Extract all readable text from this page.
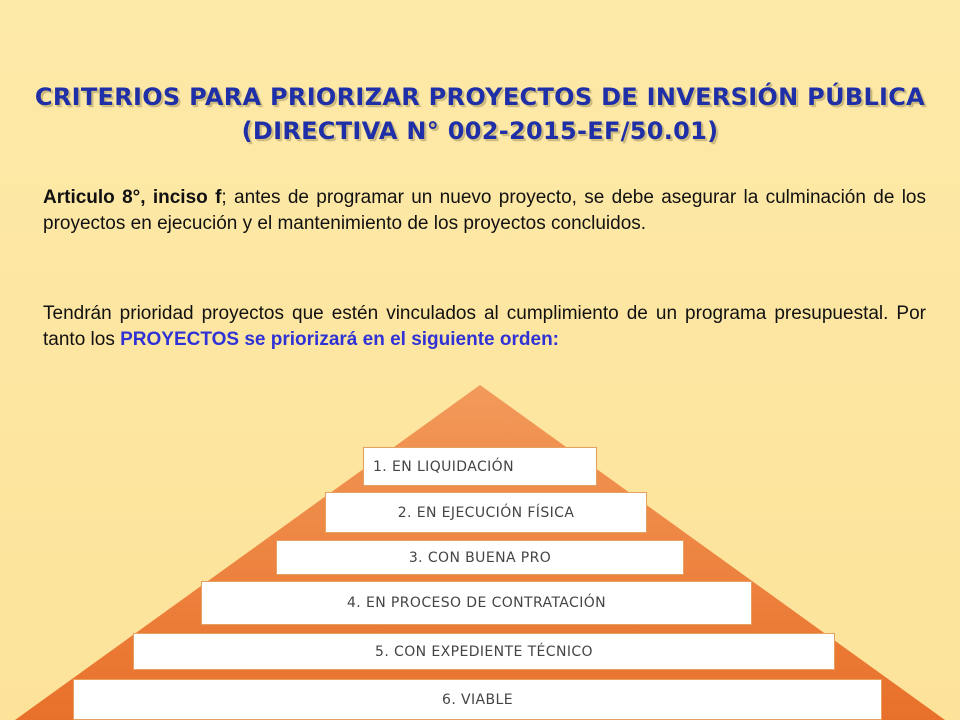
CRITERIOS PARA PRIORIZAR PROYECTOS DE INVERSIÓN PÚBLICA
(DIRECTIVA N° 002-2015-EF/50.01)

Articulo 8°, inciso f; antes de programar un nuevo proyecto, se debe asegurar la culminación de los proyectos en ejecución y el mantenimiento de los proyectos concluidos.

Tendrán prioridad proyectos que estén vinculados al cumplimiento de un programa presupuestal. Por tanto los PROYECTOS se priorizará en el siguiente orden:

1. EN LIQUIDACIÓN
2. EN EJECUCIÓN FÍSICA
3. CON BUENA PRO
4. EN PROCESO DE CONTRATACIÓN
5. CON EXPEDIENTE TÉCNICO
6. VIABLE
